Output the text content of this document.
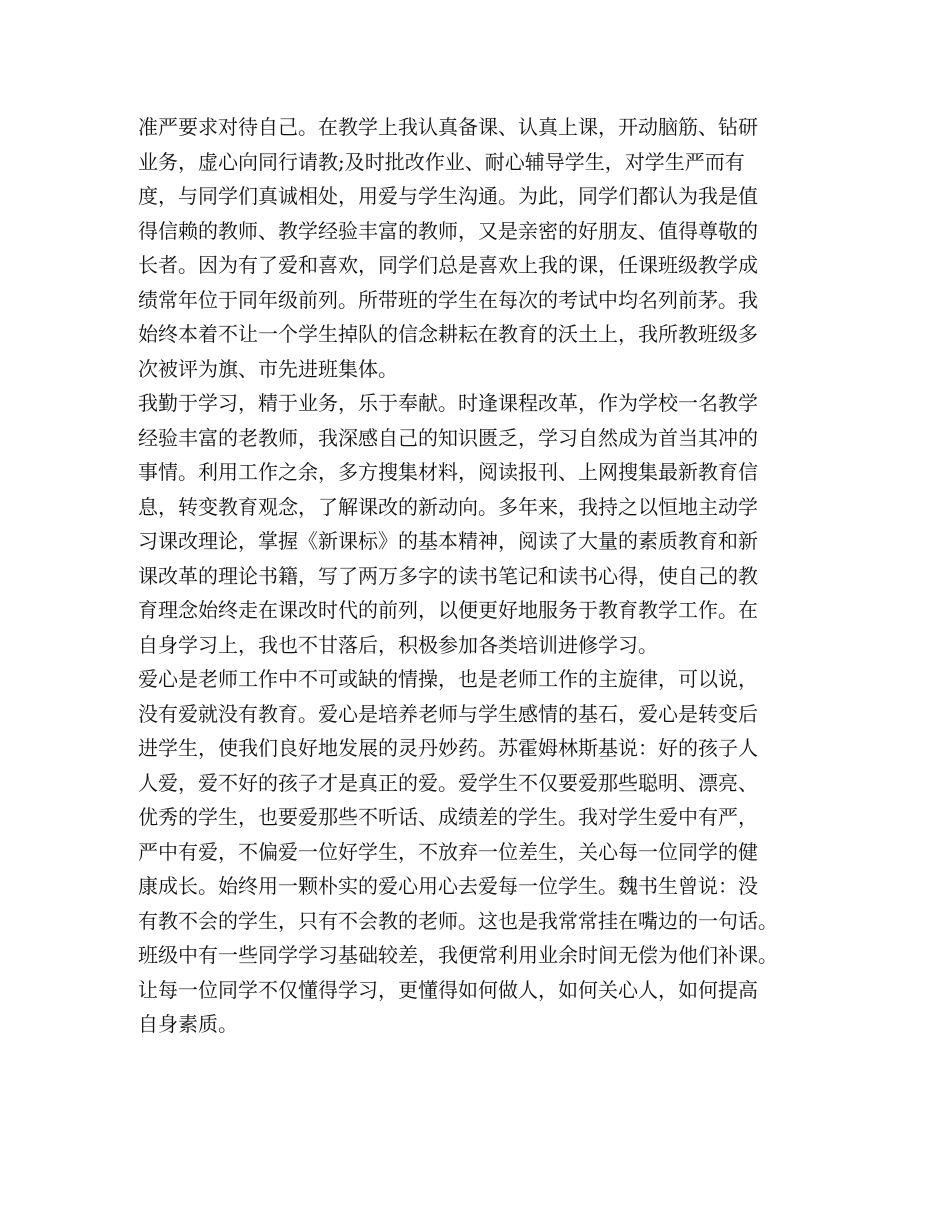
准严要求对待自己。在教学上我认真备课、认真上课，开动脑筋、钻研
业务，虚心向同行请教;及时批改作业、耐心辅导学生，对学生严而有
度，与同学们真诚相处，用爱与学生沟通。为此，同学们都认为我是值
得信赖的教师、教学经验丰富的教师，又是亲密的好朋友、值得尊敬的
长者。因为有了爱和喜欢，同学们总是喜欢上我的课，任课班级教学成
绩常年位于同年级前列。所带班的学生在每次的考试中均名列前茅。我
始终本着不让一个学生掉队的信念耕耘在教育的沃土上，我所教班级多
次被评为旗、市先进班集体。
我勤于学习，精于业务，乐于奉献。时逢课程改革，作为学校一名教学
经验丰富的老教师，我深感自己的知识匮乏，学习自然成为首当其冲的
事情。利用工作之余，多方搜集材料，阅读报刊、上网搜集最新教育信
息，转变教育观念，了解课改的新动向。多年来，我持之以恒地主动学
习课改理论，掌握《新课标》的基本精神，阅读了大量的素质教育和新
课改革的理论书籍，写了两万多字的读书笔记和读书心得，使自己的教
育理念始终走在课改时代的前列，以便更好地服务于教育教学工作。在
自身学习上，我也不甘落后，积极参加各类培训进修学习。
爱心是老师工作中不可或缺的情操，也是老师工作的主旋律，可以说，
没有爱就没有教育。爱心是培养老师与学生感情的基石，爱心是转变后
进学生，使我们良好地发展的灵丹妙药。苏霍姆林斯基说：好的孩子人
人爱，爱不好的孩子才是真正的爱。爱学生不仅要爱那些聪明、漂亮、
优秀的学生，也要爱那些不听话、成绩差的学生。我对学生爱中有严，
严中有爱，不偏爱一位好学生，不放弃一位差生，关心每一位同学的健
康成长。始终用一颗朴实的爱心用心去爱每一位学生。魏书生曾说：没
有教不会的学生，只有不会教的老师。这也是我常常挂在嘴边的一句话。
班级中有一些同学学习基础较差，我便常利用业余时间无偿为他们补课。
让每一位同学不仅懂得学习，更懂得如何做人，如何关心人，如何提高
自身素质。
